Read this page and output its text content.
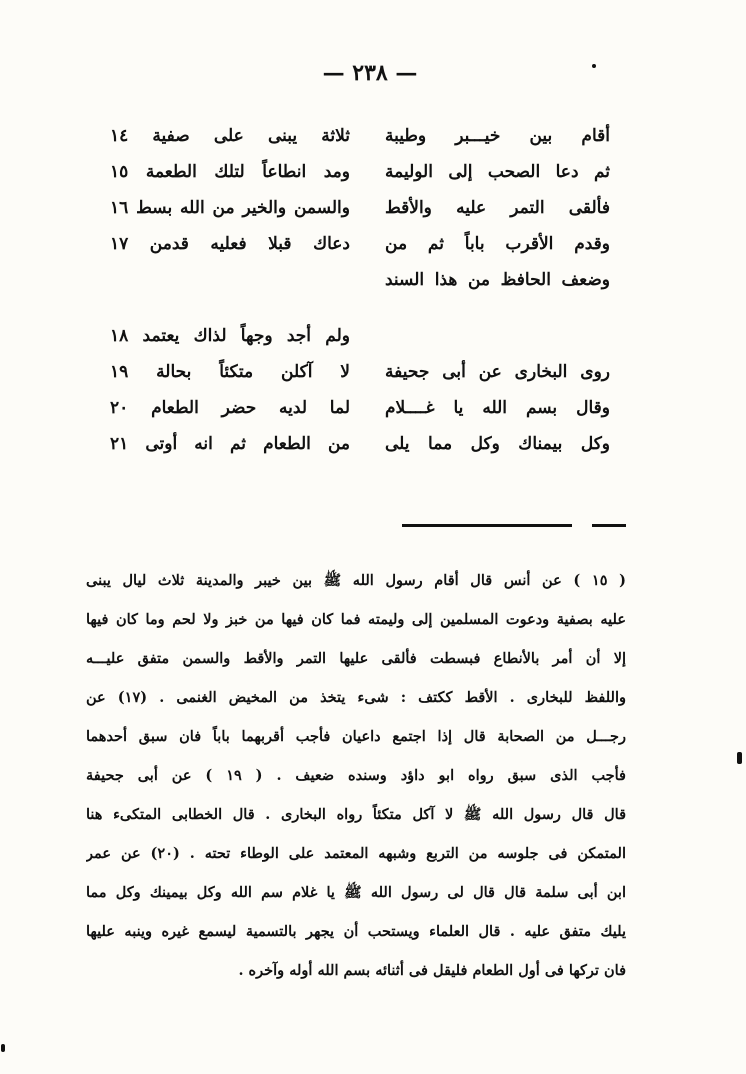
— ٢٣٨ —
أقام بين خيـــبر وطيبة
ثلاثة يبنى على صفية ١٤
ثم دعا الصحب إلى الوليمة
ومد انطاعاً لتلك الطعمة ١٥
فألقى التمر عليه والأقط
والسمن والخير من الله بسط ١٦
وقدم الأقرب باباً ثم من
دعاك قبلا فعليه قدمن ١٧
وضعف الحافظ من هذا السند
ولم أجد وجهاً لذاك يعتمد ١٨
روى البخارى عن أبى جحيفة
لا آكلن متكئاً بحالة ١٩
وقال بسم الله يا غــــلام
لما لديه حضر الطعام ٢٠
وكل بيمناك وكل مما يلى
من الطعام ثم انه أوتى ٢١
( ١٥ ) عن أنس قال أقام رسول الله ﷺ بين خيبر والمدينة ثلاث ليال يبنى
عليه بصفية ودعوت المسلمين إلى وليمته فما كان فيها من خبز ولا لحم وما كان فيها
إلا أن أمر بالأنطاع فبسطت فألقى عليها التمر والأقط والسمن متفق عليـــه
واللفظ للبخارى . الأقط ككتف : شىء يتخذ من المخيض الغنمى . (١٧) عن
رجـــل من الصحابة قال إذا اجتمع داعيان فأجب أقربهما باباً فان سبق أحدهما
فأجب الذى سبق رواه ابو داؤد وسنده ضعيف . ( ١٩ ) عن أبى جحيفة
قال قال رسول الله ﷺ لا آكل متكئاً رواه البخارى . قال الخطابى المتكىء هنا
المتمكن فى جلوسه من التربع وشبهه المعتمد على الوطاء تحته . (٢٠) عن عمر
ابن أبى سلمة قال قال لى رسول الله ﷺ يا غلام سم الله وكل بيمينك وكل مما
يليك متفق عليه . قال العلماء ويستحب أن يجهر بالتسمية ليسمع غيره وينبه عليها
فان تركها فى أول الطعام فليقل فى أثنائه بسم الله أوله وآخره .
